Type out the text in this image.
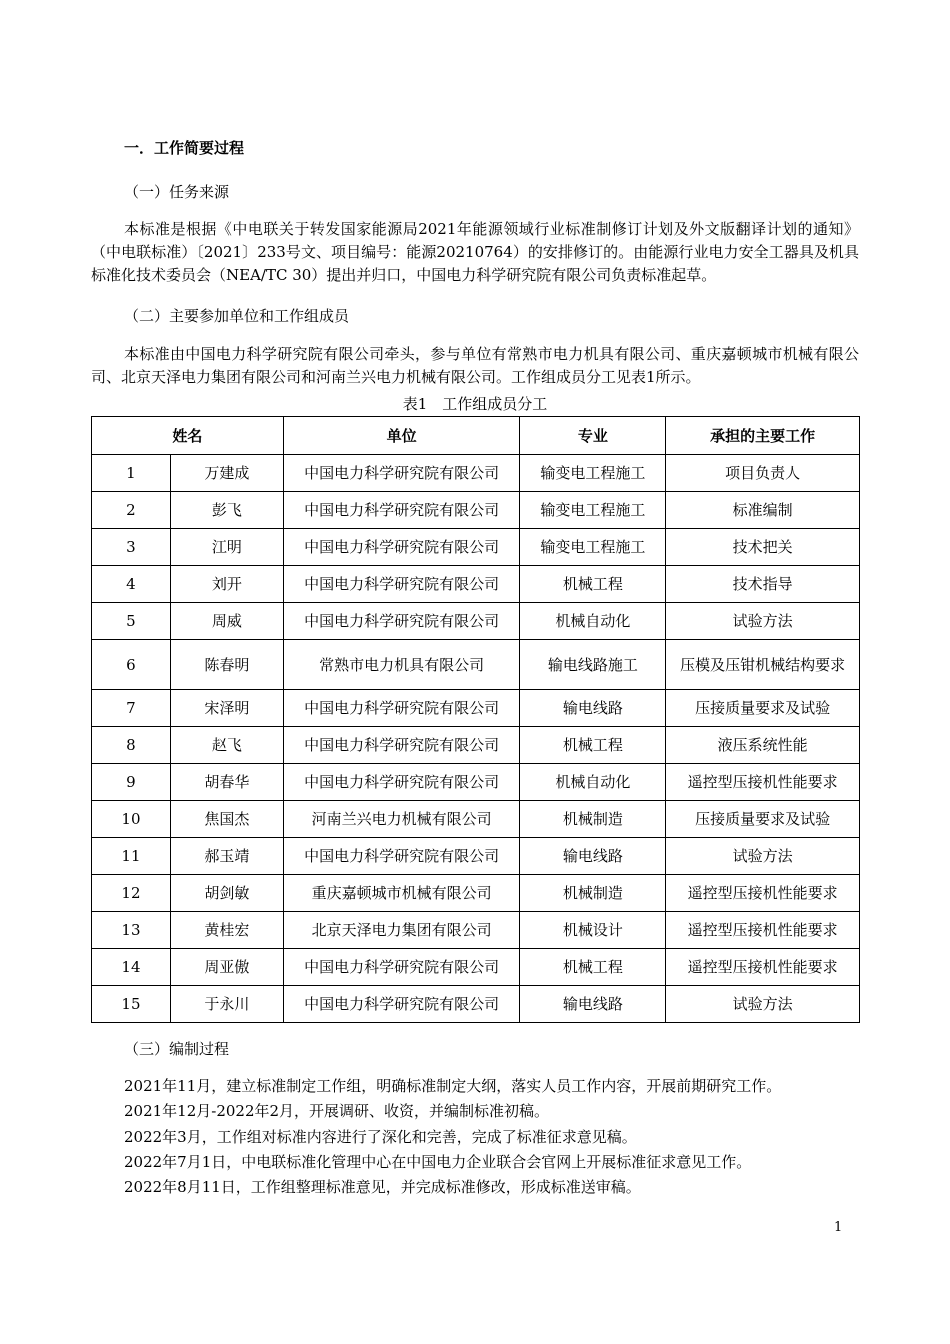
一．工作简要过程
（一）任务来源
本标准是根据《中电联关于转发国家能源局2021年能源领域行业标准制修订计划及外文版翻译计划的通知》（中电联标准）〔2021〕233号文、项目编号：能源20210764）的安排修订的。由能源行业电力安全工器具及机具标准化技术委员会（NEA/TC 30）提出并归口，中国电力科学研究院有限公司负责标准起草。
（二）主要参加单位和工作组成员
本标准由中国电力科学研究院有限公司牵头，参与单位有常熟市电力机具有限公司、重庆嘉顿城市机械有限公司、北京天泽电力集团有限公司和河南兰兴电力机械有限公司。工作组成员分工见表1所示。
表1　工作组成员分工
姓名		单位	专业	承担的主要工作
1	万建成	中国电力科学研究院有限公司	输变电工程施工	项目负责人
2	彭飞	中国电力科学研究院有限公司	输变电工程施工	标准编制
3	江明	中国电力科学研究院有限公司	输变电工程施工	技术把关
4	刘开	中国电力科学研究院有限公司	机械工程	技术指导
5	周威	中国电力科学研究院有限公司	机械自动化	试验方法
6	陈春明	常熟市电力机具有限公司	输电线路施工	压模及压钳机械结构要求
7	宋泽明	中国电力科学研究院有限公司	输电线路	压接质量要求及试验
8	赵飞	中国电力科学研究院有限公司	机械工程	液压系统性能
9	胡春华	中国电力科学研究院有限公司	机械自动化	遥控型压接机性能要求
10	焦国杰	河南兰兴电力机械有限公司	机械制造	压接质量要求及试验
11	郝玉靖	中国电力科学研究院有限公司	输电线路	试验方法
12	胡剑敏	重庆嘉顿城市机械有限公司	机械制造	遥控型压接机性能要求
13	黄桂宏	北京天泽电力集团有限公司	机械设计	遥控型压接机性能要求
14	周亚傲	中国电力科学研究院有限公司	机械工程	遥控型压接机性能要求
15	于永川	中国电力科学研究院有限公司	输电线路	试验方法
（三）编制过程
2021年11月，建立标准制定工作组，明确标准制定大纲，落实人员工作内容，开展前期研究工作。
2021年12月-2022年2月，开展调研、收资，并编制标准初稿。
2022年3月，工作组对标准内容进行了深化和完善，完成了标准征求意见稿。
2022年7月1日，中电联标准化管理中心在中国电力企业联合会官网上开展标准征求意见工作。
2022年8月11日，工作组整理标准意见，并完成标准修改，形成标准送审稿。
1
